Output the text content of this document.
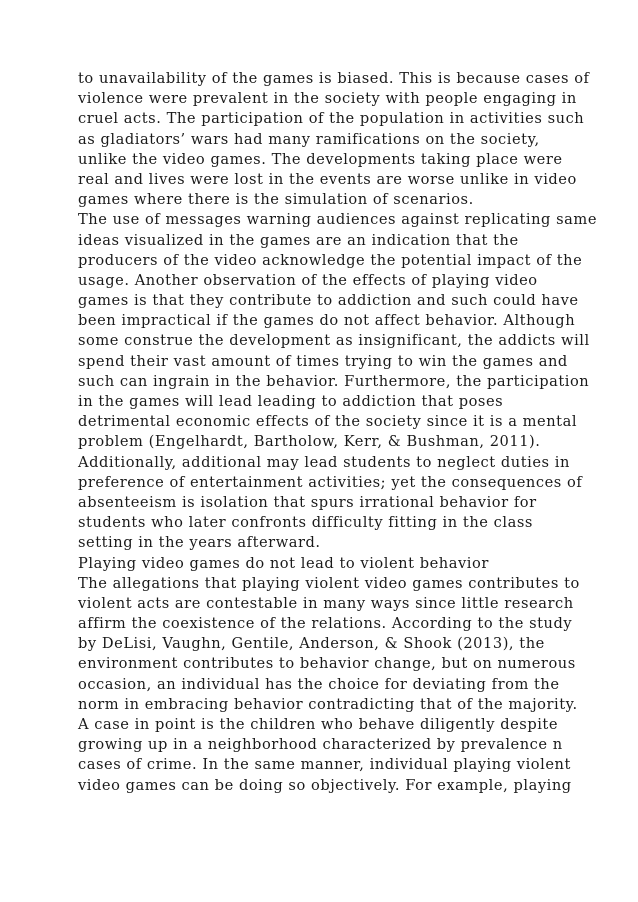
to unavailability of the games is biased. This is because cases of
violence were prevalent in the society with people engaging in
cruel acts. The participation of the population in activities such
as gladiators’ wars had many ramifications on the society,
unlike the video games. The developments taking place were
real and lives were lost in the events are worse unlike in video
games where there is the simulation of scenarios.
The use of messages warning audiences against replicating same
ideas visualized in the games are an indication that the
producers of the video acknowledge the potential impact of the
usage. Another observation of the effects of playing video
games is that they contribute to addiction and such could have
been impractical if the games do not affect behavior. Although
some construe the development as insignificant, the addicts will
spend their vast amount of times trying to win the games and
such can ingrain in the behavior. Furthermore, the participation
in the games will lead leading to addiction that poses
detrimental economic effects of the society since it is a mental
problem (Engelhardt, Bartholow, Kerr, & Bushman, 2011).
Additionally, additional may lead students to neglect duties in
preference of entertainment activities; yet the consequences of
absenteeism is isolation that spurs irrational behavior for
students who later confronts difficulty fitting in the class
setting in the years afterward.
Playing video games do not lead to violent behavior
The allegations that playing violent video games contributes to
violent acts are contestable in many ways since little research
affirm the coexistence of the relations. According to the study
by DeLisi, Vaughn, Gentile, Anderson, & Shook (2013), the
environment contributes to behavior change, but on numerous
occasion, an individual has the choice for deviating from the
norm in embracing behavior contradicting that of the majority.
A case in point is the children who behave diligently despite
growing up in a neighborhood characterized by prevalence n
cases of crime. In the same manner, individual playing violent
video games can be doing so objectively. For example, playing
